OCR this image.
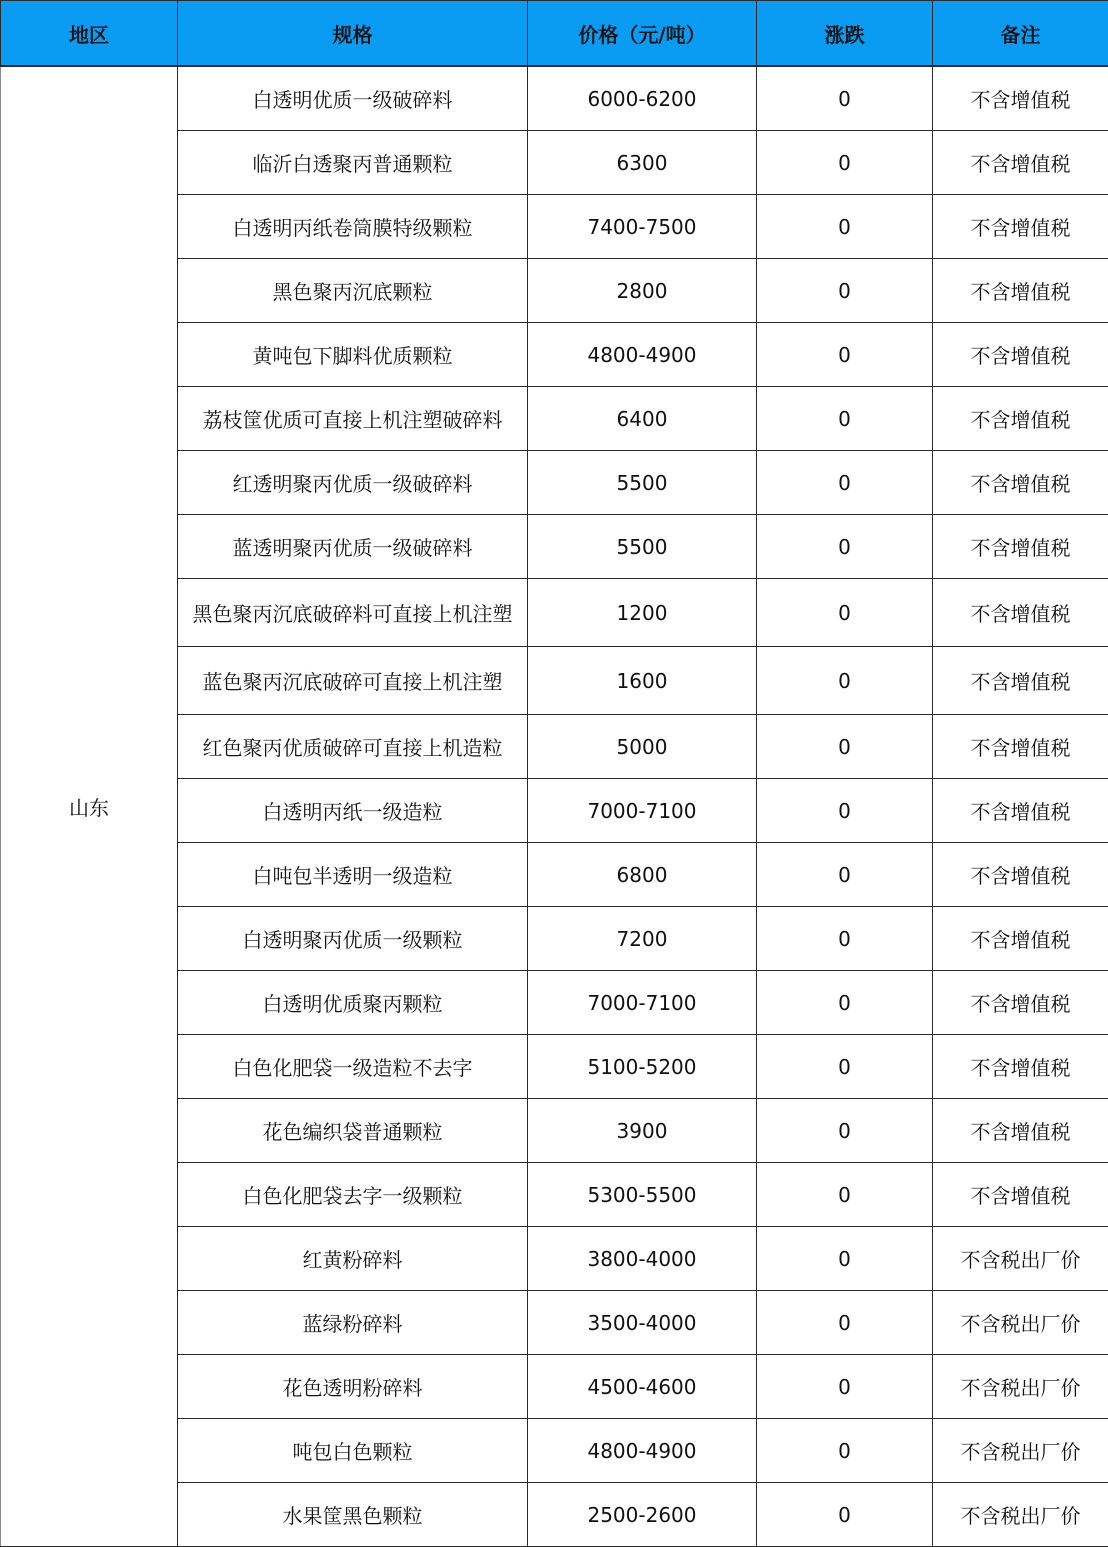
地区	规格	价格（元/吨）	涨跌	备注
山东	白透明优质一级破碎料	6000-6200	0	不含增值税
	临沂白透聚丙普通颗粒	6300	0	不含增值税
	白透明丙纸卷筒膜特级颗粒	7400-7500	0	不含增值税
	黑色聚丙沉底颗粒	2800	0	不含增值税
	黄吨包下脚料优质颗粒	4800-4900	0	不含增值税
	荔枝筐优质可直接上机注塑破碎料	6400	0	不含增值税
	红透明聚丙优质一级破碎料	5500	0	不含增值税
	蓝透明聚丙优质一级破碎料	5500	0	不含增值税
	黑色聚丙沉底破碎料可直接上机注塑	1200	0	不含增值税
	蓝色聚丙沉底破碎可直接上机注塑	1600	0	不含增值税
	红色聚丙优质破碎可直接上机造粒	5000	0	不含增值税
	白透明丙纸一级造粒	7000-7100	0	不含增值税
	白吨包半透明一级造粒	6800	0	不含增值税
	白透明聚丙优质一级颗粒	7200	0	不含增值税
	白透明优质聚丙颗粒	7000-7100	0	不含增值税
	白色化肥袋一级造粒不去字	5100-5200	0	不含增值税
	花色编织袋普通颗粒	3900	0	不含增值税
	白色化肥袋去字一级颗粒	5300-5500	0	不含增值税
	红黄粉碎料	3800-4000	0	不含税出厂价
	蓝绿粉碎料	3500-4000	0	不含税出厂价
	花色透明粉碎料	4500-4600	0	不含税出厂价
	吨包白色颗粒	4800-4900	0	不含税出厂价
	水果筐黑色颗粒	2500-2600	0	不含税出厂价
